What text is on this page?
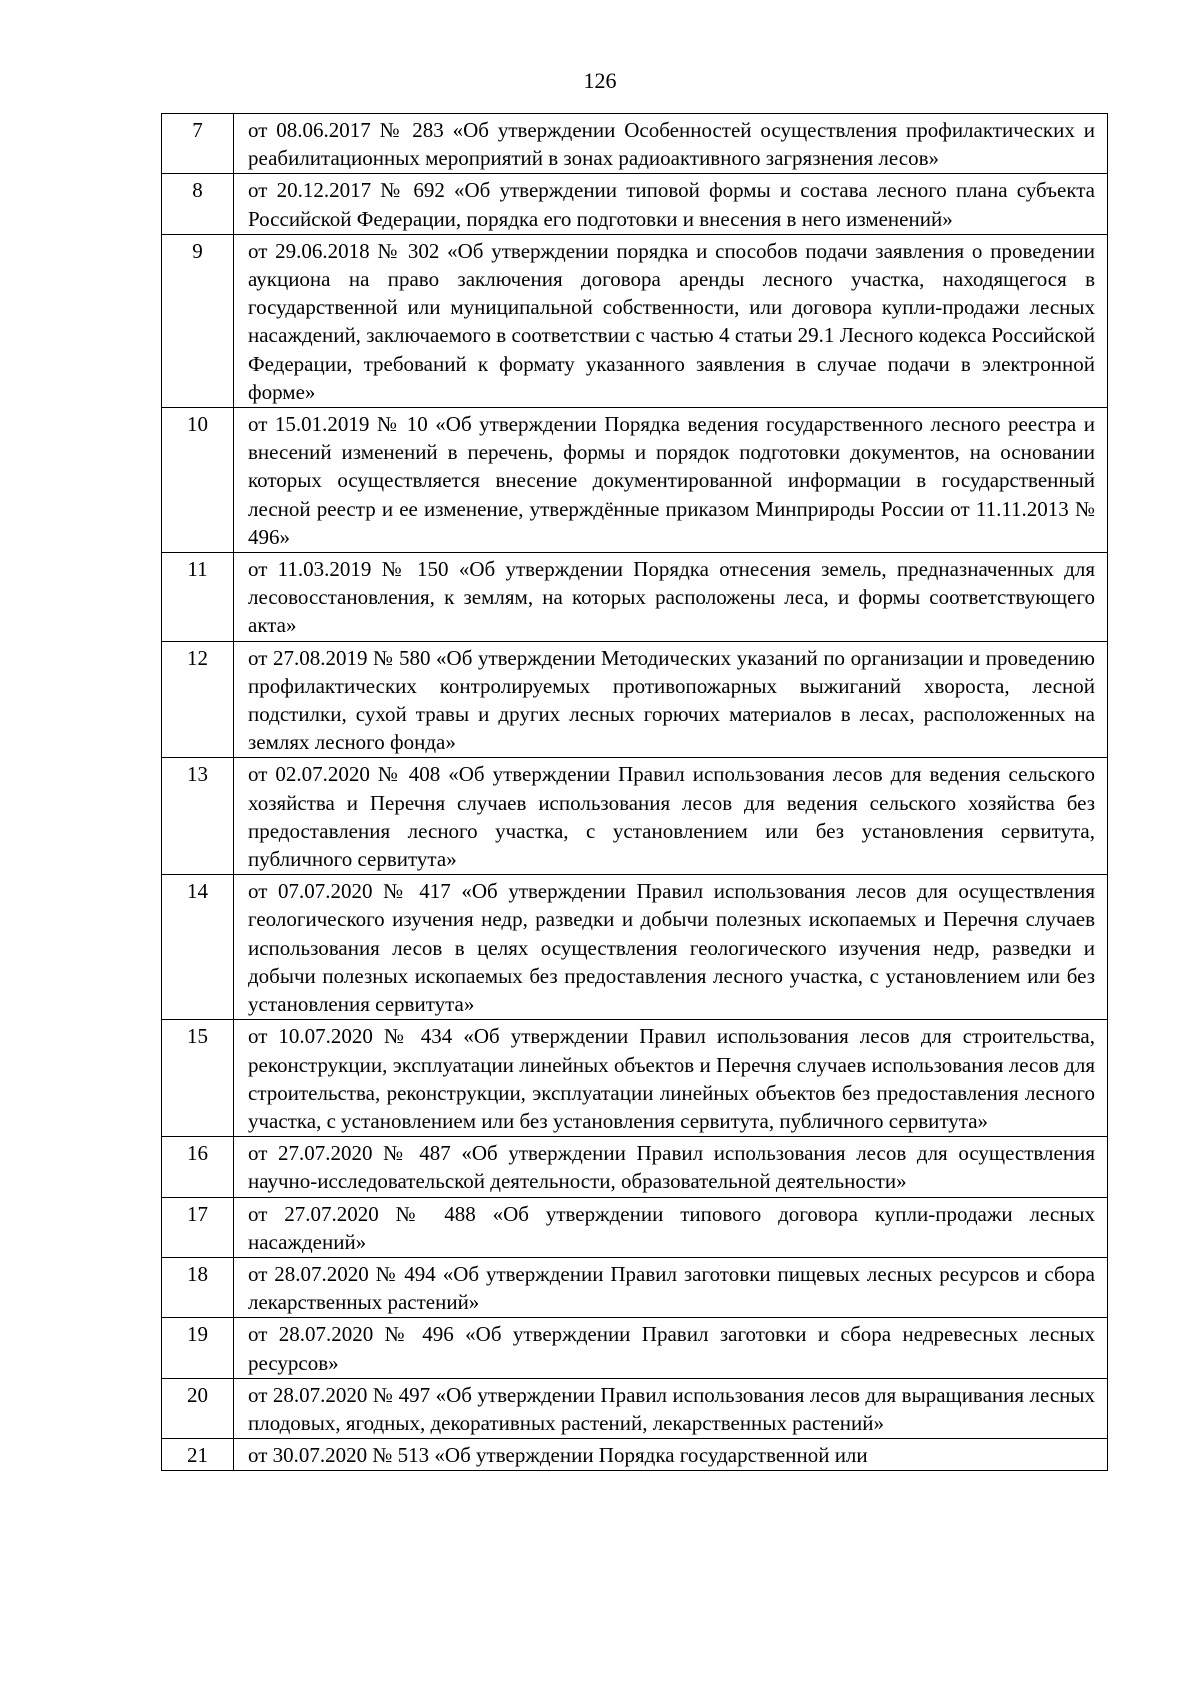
126
7	от 08.06.2017 № 283 «Об утверждении Особенностей осуществления профилактических и реабилитационных мероприятий в зонах радиоактивного загрязнения лесов»
8	от 20.12.2017 № 692 «Об утверждении типовой формы и состава лесного плана субъекта Российской Федерации, порядка его подготовки и внесения в него изменений»
9	от 29.06.2018 № 302 «Об утверждении порядка и способов подачи заявления о проведении аукциона на право заключения договора аренды лесного участка, находящегося в государственной или муниципальной собственности, или договора купли-продажи лесных насаждений, заключаемого в соответствии с частью 4 статьи 29.1 Лесного кодекса Российской Федерации, требований к формату указанного заявления в случае подачи в электронной форме»
10	от 15.01.2019 № 10 «Об утверждении Порядка ведения государственного лесного реестра и внесений изменений в перечень, формы и порядок подготовки документов, на основании которых осуществляется внесение документированной информации в государственный лесной реестр и ее изменение, утверждённые приказом Минприроды России от 11.11.2013 № 496»
11	от 11.03.2019 № 150 «Об утверждении Порядка отнесения земель, предназначенных для лесовосстановления, к землям, на которых расположены леса, и формы соответствующего акта»
12	от 27.08.2019 № 580 «Об утверждении Методических указаний по организации и проведению профилактических контролируемых противопожарных выжиганий хвороста, лесной подстилки, сухой травы и других лесных горючих материалов в лесах, расположенных на землях лесного фонда»
13	от 02.07.2020 № 408 «Об утверждении Правил использования лесов для ведения сельского хозяйства и Перечня случаев использования лесов для ведения сельского хозяйства без предоставления лесного участка, с установлением или без установления сервитута, публичного сервитута»
14	от 07.07.2020 № 417 «Об утверждении Правил использования лесов для осуществления геологического изучения недр, разведки и добычи полезных ископаемых и Перечня случаев использования лесов в целях осуществления геологического изучения недр, разведки и добычи полезных ископаемых без предоставления лесного участка, с установлением или без установления сервитута»
15	от 10.07.2020 № 434 «Об утверждении Правил использования лесов для строительства, реконструкции, эксплуатации линейных объектов и Перечня случаев использования лесов для строительства, реконструкции, эксплуатации линейных объектов без предоставления лесного участка, с установлением или без установления сервитута, публичного сервитута»
16	от 27.07.2020 № 487 «Об утверждении Правил использования лесов для осуществления научно-исследовательской деятельности, образовательной деятельности»
17	от 27.07.2020 № 488 «Об утверждении типового договора купли-продажи лесных насаждений»
18	от 28.07.2020 № 494 «Об утверждении Правил заготовки пищевых лесных ресурсов и сбора лекарственных растений»
19	от 28.07.2020 № 496 «Об утверждении Правил заготовки и сбора недревесных лесных ресурсов»
20	от 28.07.2020 № 497 «Об утверждении Правил использования лесов для выращивания лесных плодовых, ягодных, декоративных растений, лекарственных растений»
21	от 30.07.2020 № 513 «Об утверждении Порядка государственной или
